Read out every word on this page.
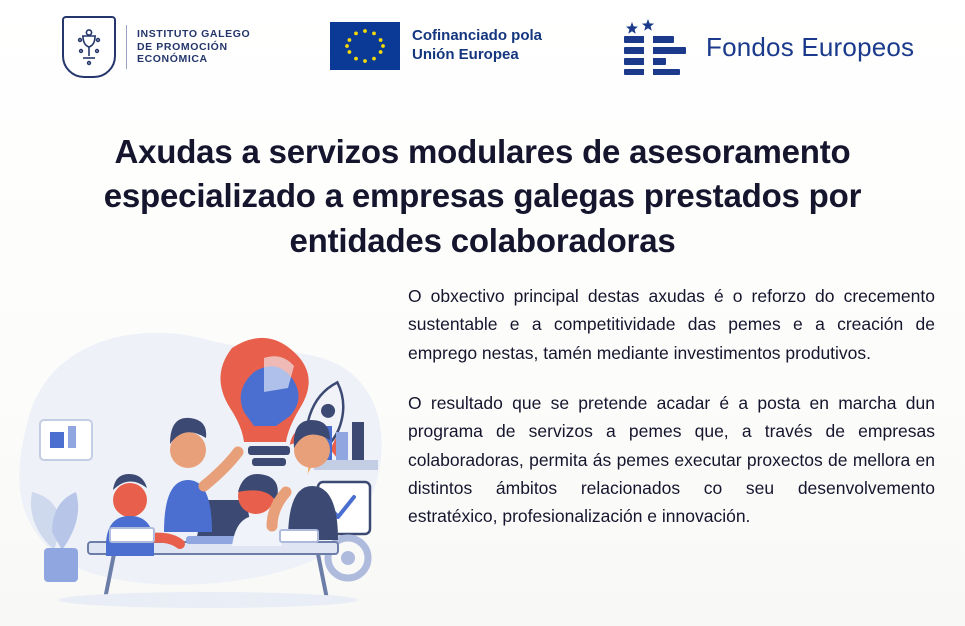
INSTITUTO GALEGO
DE PROMOCIÓN
ECONÓMICA
Cofinanciado pola
Unión Europea	Fondos Europeos
Axudas a servizos modulares de asesoramento especializado a empresas galegas prestados por entidades colaboradoras

O obxectivo principal destas axudas é o reforzo do crecemento sustentable e a competitividade das pemes e a creación de emprego nestas, tamén mediante investimentos produtivos.

O resultado que se pretende acadar é a posta en marcha dun programa de servizos a pemes que, a través de empresas colaboradoras, permita ás pemes executar proxectos de mellora en distintos ámbitos relacionados co seu desenvolvemento estratéxico, profesionalización e innovación.
